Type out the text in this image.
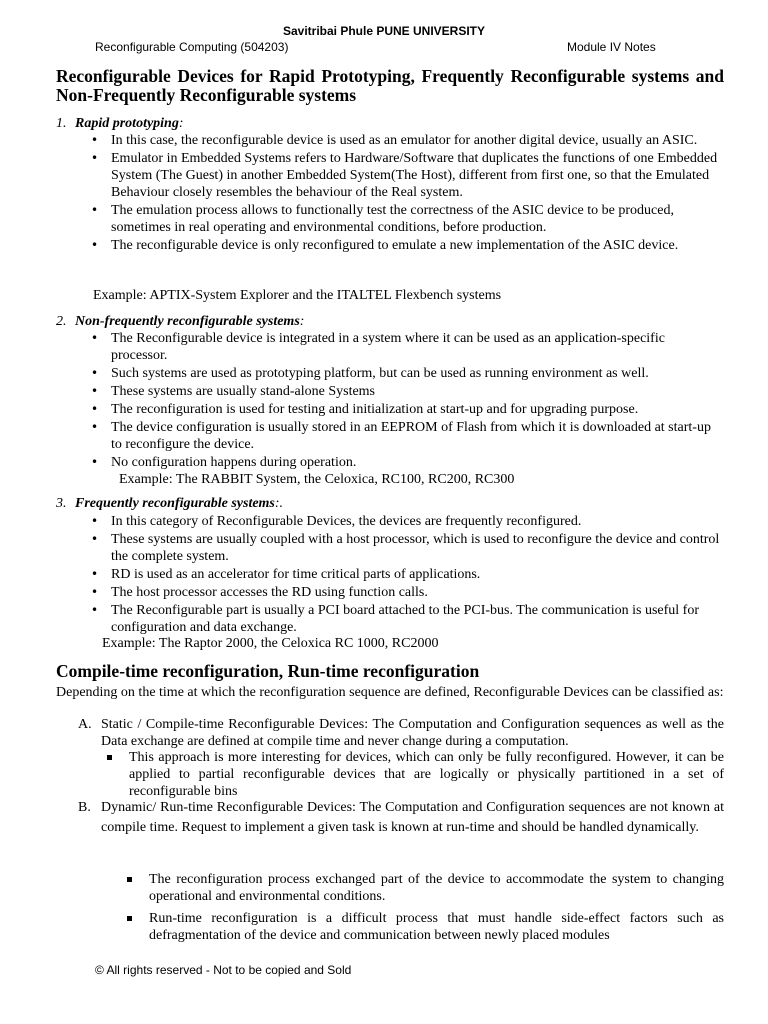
Savitribai Phule PUNE UNIVERSITY
Reconfigurable Computing (504203)	Module IV Notes
Reconfigurable Devices for Rapid Prototyping, Frequently Reconfigurable systems and Non-Frequently Reconfigurable systems
1. Rapid prototyping:
• In this case, the reconfigurable device is used as an emulator for another digital device, usually an ASIC.
• Emulator in Embedded Systems refers to Hardware/Software that duplicates the functions of one Embedded System (The Guest) in another Embedded System(The Host), different from first one, so that the Emulated Behaviour closely resembles the behaviour of the Real system.
• The emulation process allows to functionally test the correctness of the ASIC device to be produced, sometimes in real operating and environmental conditions, before production.
• The reconfigurable device is only reconfigured to emulate a new implementation of the ASIC device.
Example: APTIX-System Explorer and the ITALTEL Flexbench systems
2. Non-frequently reconfigurable systems:
• The Reconfigurable device is integrated in a system where it can be used as an application-specific processor.
• Such systems are used as prototyping platform, but can be used as running environment as well.
• These systems are usually stand-alone Systems
• The reconfiguration is used for testing and initialization at start-up and for upgrading purpose.
• The device configuration is usually stored in an EEPROM of Flash from which it is downloaded at start-up to reconfigure the device.
• No configuration happens during operation.
Example: The RABBIT System, the Celoxica, RC100, RC200, RC300
3. Frequently reconfigurable systems:.
• In this category of Reconfigurable Devices, the devices are frequently reconfigured.
• These systems are usually coupled with a host processor, which is used to reconfigure the device and control the complete system.
• RD is used as an accelerator for time critical parts of applications.
• The host processor accesses the RD using function calls.
• The Reconfigurable part is usually a PCI board attached to the PCI-bus. The communication is useful for configuration and data exchange.
Example: The Raptor 2000, the Celoxica RC 1000, RC2000
Compile-time reconfiguration, Run-time reconfiguration

Depending on the time at which the reconfiguration sequence are defined, Reconfigurable Devices can be classified as:

A. Static / Compile-time Reconfigurable Devices: The Computation and Configuration sequences as well as the Data exchange are defined at compile time and never change during a computation.
This approach is more interesting for devices, which can only be fully reconfigured. However, it can be applied to partial reconfigurable devices that are logically or physically partitioned in a set of reconfigurable bins
B. Dynamic/ Run-time Reconfigurable Devices: The Computation and Configuration sequences are not known at compile time. Request to implement a given task is known at run-time and should be handled dynamically.
The reconfiguration process exchanged part of the device to accommodate the system to changing operational and environmental conditions.
Run-time reconfiguration is a difficult process that must handle side-effect factors such as defragmentation of the device and communication between newly placed modules
© All rights reserved - Not to be copied and Sold
